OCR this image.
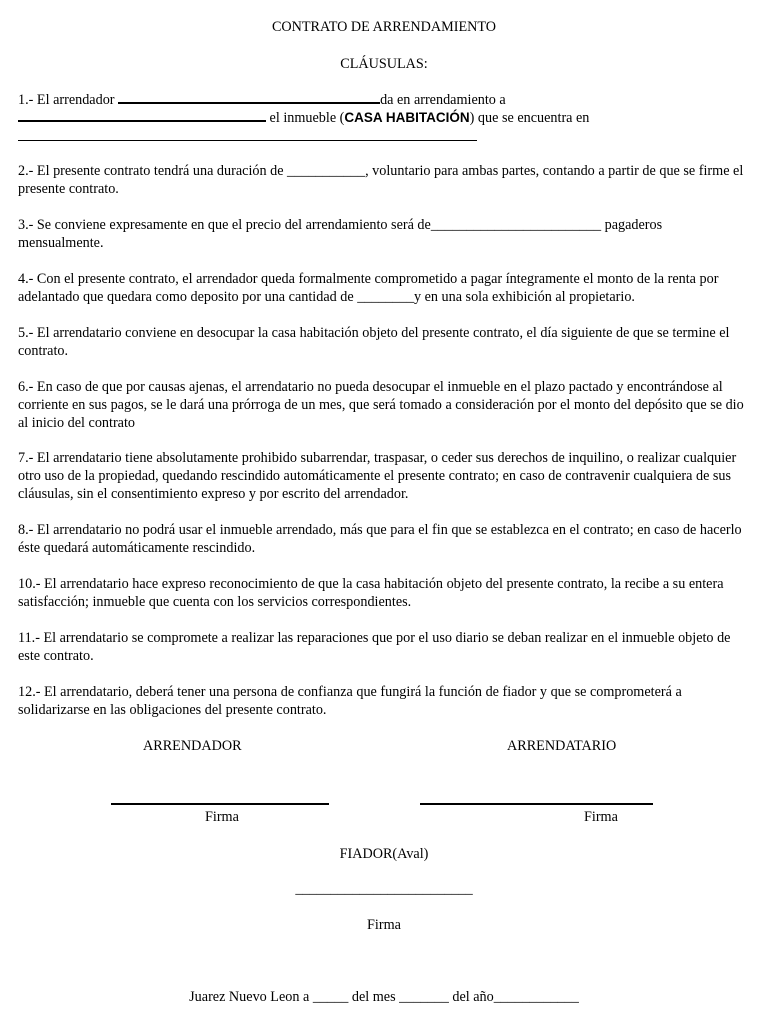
CONTRATO DE ARRENDAMIENTO
CLÁUSULAS:
1.- El arrendador	da en arrendamiento a
el inmueble (CASA HABITACIÓN) que se encuentra en
2.- El presente contrato tendrá una duración de ___________, voluntario para ambas partes, contando a partir de que se firme el presente contrato.
3.- Se conviene expresamente en que el precio del arrendamiento será de________________________ pagaderos mensualmente.
4.- Con el presente contrato, el arrendador queda formalmente comprometido a pagar íntegramente el monto de la renta por adelantado que quedara como deposito por una cantidad de ________y en una sola exhibición al propietario.
5.- El arrendatario conviene en desocupar la casa habitación objeto del presente contrato, el día siguiente de que se termine el contrato.
6.- En caso de que por causas ajenas, el arrendatario no pueda desocupar el inmueble en el plazo pactado y encontrándose al corriente en sus pagos, se le dará una prórroga de un mes, que será tomado a consideración por el monto del depósito que se dio al inicio del contrato
7.- El arrendatario tiene absolutamente prohibido subarrendar, traspasar, o ceder sus derechos de inquilino, o realizar cualquier otro uso de la propiedad, quedando rescindido automáticamente el presente contrato; en caso de contravenir cualquiera de sus cláusulas, sin el consentimiento expreso y por escrito del arrendador.
8.- El arrendatario no podrá usar el inmueble arrendado, más que para el fin que se establezca en el contrato; en caso de hacerlo éste quedará automáticamente rescindido.
10.- El arrendatario hace expreso reconocimiento de que la casa habitación objeto del presente contrato, la recibe a su entera satisfacción; inmueble que cuenta con los servicios correspondientes.
11.- El arrendatario se compromete a realizar las reparaciones que por el uso diario se deban realizar en el inmueble objeto de este contrato.
12.- El arrendatario, deberá tener una persona de confianza que fungirá la función de fiador y que se comprometerá a solidarizarse en las obligaciones del presente contrato.
ARRENDADOR	ARRENDATARIO
Firma	Firma
FIADOR(Aval)
_________________________
Firma
Juarez Nuevo Leon a _____ del mes _______ del año____________
